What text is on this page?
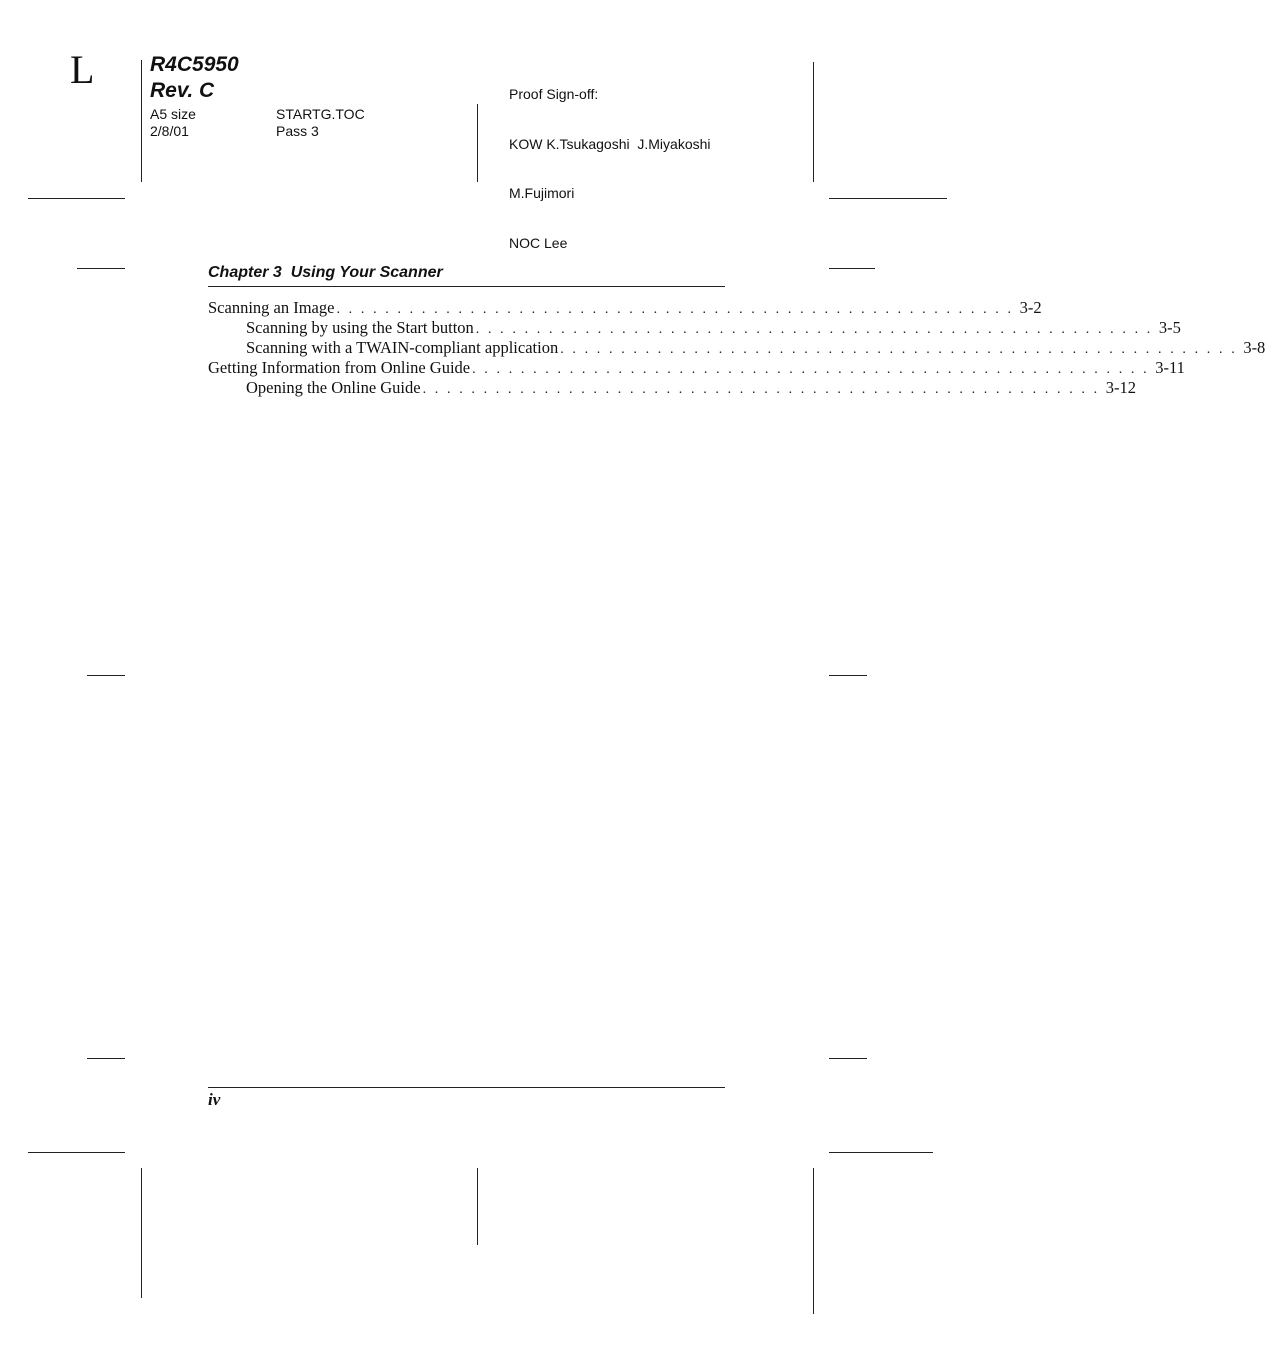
L	R4C5950
Rev. C
A5 size
2/8/01
STARTG.TOC
Pass 3

Proof Sign-off:

KOW K.Tsukagoshi  J.Miyakoshi

M.Fujimori

NOC Lee

Chapter 3  Using Your Scanner
Scanning an Image . . . . . . . . . . . . . . . . . . . . . . . . . . . . . . . . . . . . . . . . . . . . . . . . . . . . . . . . 3-2
Scanning by using the Start button . . . . . . . . . . . . . . . . . . . . . . . . . . . . . . . . . . . . . . . . . . . . . . . . . . . . . . . . 3-5
Scanning with a TWAIN-compliant application . . . . . . . . . . . . . . . . . . . . . . . . . . . . . . . . . . . . . . . . . . . . . . . . . . . . . . . . 3-8
Getting Information from Online Guide . . . . . . . . . . . . . . . . . . . . . . . . . . . . . . . . . . . . . . . . . . . . . . . . . . . . . . . . 3-11
Opening the Online Guide . . . . . . . . . . . . . . . . . . . . . . . . . . . . . . . . . . . . . . . . . . . . . . . . . . . . . . . . 3-12
iv
